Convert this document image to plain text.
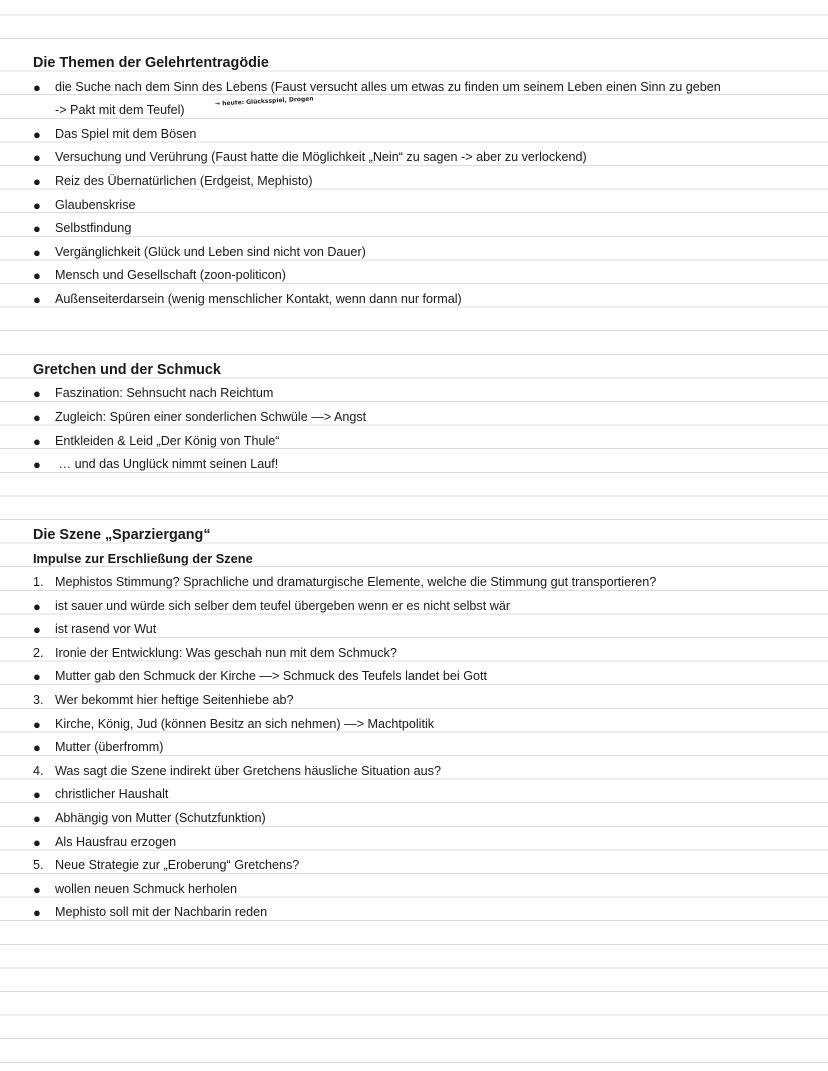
Die Themen der Gelehrtentragödie
● die Suche nach dem Sinn des Lebens (Faust versucht alles um etwas zu finden um seinem Leben einen Sinn zu geben
-> Pakt mit dem Teufel)
→ heute: Glücksspiel, Drogen
● Das Spiel mit dem Bösen
● Versuchung und Verührung (Faust hatte die Möglichkeit „Nein“ zu sagen -> aber zu verlockend)
● Reiz des Übernatürlichen (Erdgeist, Mephisto)
● Glaubenskrise
● Selbstfindung
● Vergänglichkeit (Glück und Leben sind nicht von Dauer)
● Mensch und Gesellschaft (zoon-politicon)
● Außenseiterdarsein (wenig menschlicher Kontakt, wenn dann nur formal)
Gretchen und der Schmuck
● Faszination: Sehnsucht nach Reichtum
● Zugleich: Spüren einer sonderlichen Schwüle —> Angst
● Entkleiden & Leid „Der König von Thule“
● … und das Unglück nimmt seinen Lauf!
Die Szene „Sparziergang“
Impulse zur Erschließung der Szene
1. Mephistos Stimmung? Sprachliche und dramaturgische Elemente, welche die Stimmung gut transportieren?
● ist sauer und würde sich selber dem teufel übergeben wenn er es nicht selbst wär
● ist rasend vor Wut
2. Ironie der Entwicklung: Was geschah nun mit dem Schmuck?
● Mutter gab den Schmuck der Kirche —> Schmuck des Teufels landet bei Gott
3. Wer bekommt hier heftige Seitenhiebe ab?
● Kirche, König, Jud (können Besitz an sich nehmen) —> Machtpolitik
● Mutter (überfromm)
4. Was sagt die Szene indirekt über Gretchens häusliche Situation aus?
● christlicher Haushalt
● Abhängig von Mutter (Schutzfunktion)
● Als Hausfrau erzogen
5. Neue Strategie zur „Eroberung“ Gretchens?
● wollen neuen Schmuck herholen
● Mephisto soll mit der Nachbarin reden
